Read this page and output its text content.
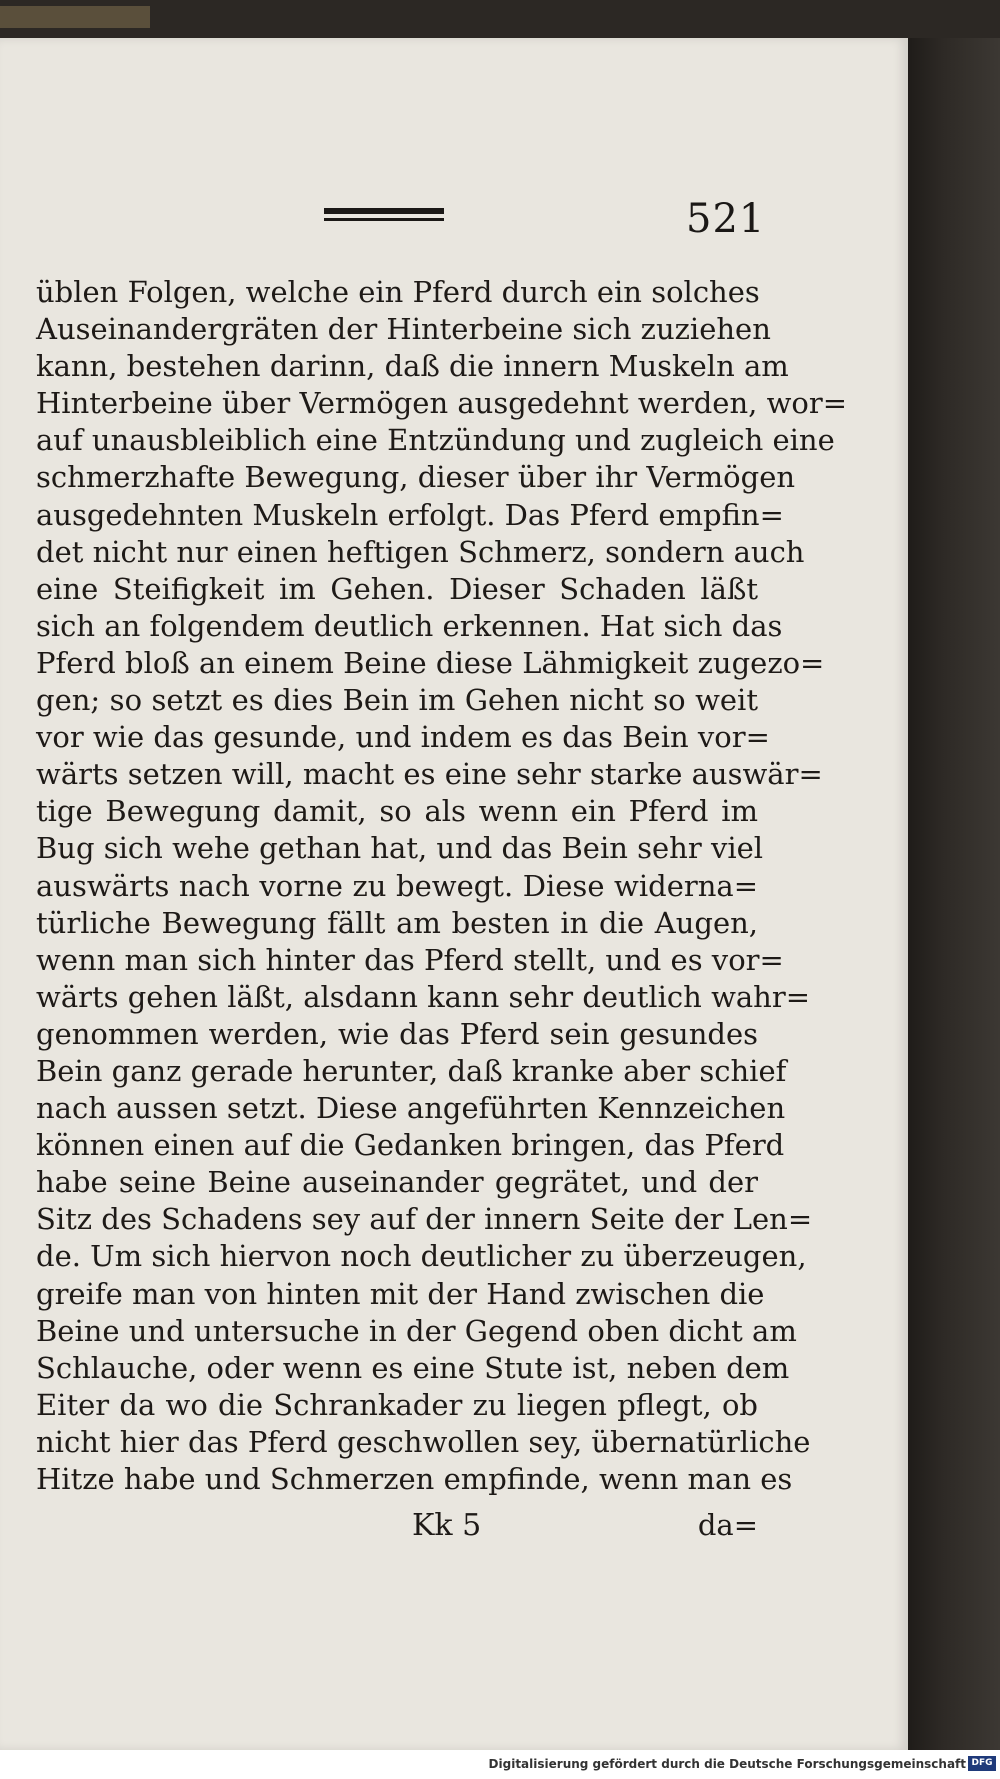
521
üblen Folgen, welche ein Pferd durch ein solches
Auseinandergräten der Hinterbeine sich zuziehen
kann, bestehen darinn, daß die innern Muskeln am
Hinterbeine über Vermögen ausgedehnt werden, wor=
auf unausbleiblich eine Entzündung und zugleich eine
schmerzhafte Bewegung, dieser über ihr Vermögen
ausgedehnten Muskeln erfolgt. Das Pferd empfin=
det nicht nur einen heftigen Schmerz, sondern auch
eine Steifigkeit im Gehen. Dieser Schaden läßt
sich an folgendem deutlich erkennen. Hat sich das
Pferd bloß an einem Beine diese Lähmigkeit zugezo=
gen; so setzt es dies Bein im Gehen nicht so weit
vor wie das gesunde, und indem es das Bein vor=
wärts setzen will, macht es eine sehr starke auswär=
tige Bewegung damit, so als wenn ein Pferd im
Bug sich wehe gethan hat, und das Bein sehr viel
auswärts nach vorne zu bewegt. Diese widerna=
türliche Bewegung fällt am besten in die Augen,
wenn man sich hinter das Pferd stellt, und es vor=
wärts gehen läßt, alsdann kann sehr deutlich wahr=
genommen werden, wie das Pferd sein gesundes
Bein ganz gerade herunter, daß kranke aber schief
nach aussen setzt. Diese angeführten Kennzeichen
können einen auf die Gedanken bringen, das Pferd
habe seine Beine auseinander gegrätet, und der
Sitz des Schadens sey auf der innern Seite der Len=
de. Um sich hiervon noch deutlicher zu überzeugen,
greife man von hinten mit der Hand zwischen die
Beine und untersuche in der Gegend oben dicht am
Schlauche, oder wenn es eine Stute ist, neben dem
Eiter da wo die Schrankader zu liegen pflegt, ob
nicht hier das Pferd geschwollen sey, übernatürliche
Hitze habe und Schmerzen empfinde, wenn man es
Kk 5	da=
Digitalisierung gefördert durch die Deutsche Forschungsgemeinschaft DFG
